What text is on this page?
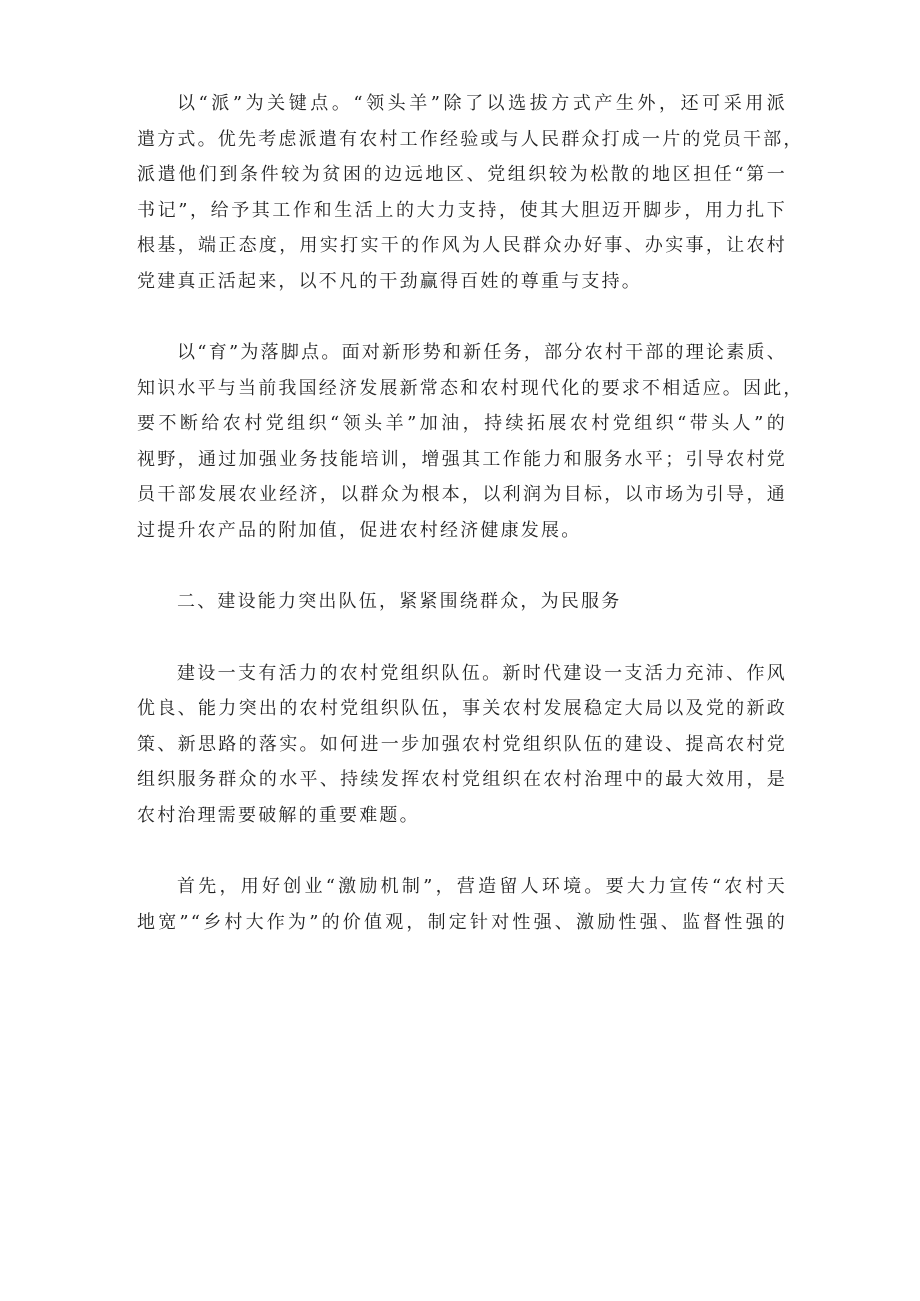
以“派”为关键点。“领头羊”除了以选拔方式产生外，还可采用派
遣方式。优先考虑派遣有农村工作经验或与人民群众打成一片的党员干部，
派遣他们到条件较为贫困的边远地区、党组织较为松散的地区担任“第一
书记”，给予其工作和生活上的大力支持，使其大胆迈开脚步，用力扎下
根基，端正态度，用实打实干的作风为人民群众办好事、办实事，让农村
党建真正活起来，以不凡的干劲赢得百姓的尊重与支持。
以“育”为落脚点。面对新形势和新任务，部分农村干部的理论素质、
知识水平与当前我国经济发展新常态和农村现代化的要求不相适应。因此，
要不断给农村党组织“领头羊”加油，持续拓展农村党组织“带头人”的
视野，通过加强业务技能培训，增强其工作能力和服务水平；引导农村党
员干部发展农业经济，以群众为根本，以利润为目标，以市场为引导，通
过提升农产品的附加值，促进农村经济健康发展。
二、建设能力突出队伍，紧紧围绕群众，为民服务
建设一支有活力的农村党组织队伍。新时代建设一支活力充沛、作风
优良、能力突出的农村党组织队伍，事关农村发展稳定大局以及党的新政
策、新思路的落实。如何进一步加强农村党组织队伍的建设、提高农村党
组织服务群众的水平、持续发挥农村党组织在农村治理中的最大效用，是
农村治理需要破解的重要难题。
首先，用好创业“激励机制”，营造留人环境。要大力宣传“农村天
地宽”“乡村大作为”的价值观，制定针对性强、激励性强、监督性强的
